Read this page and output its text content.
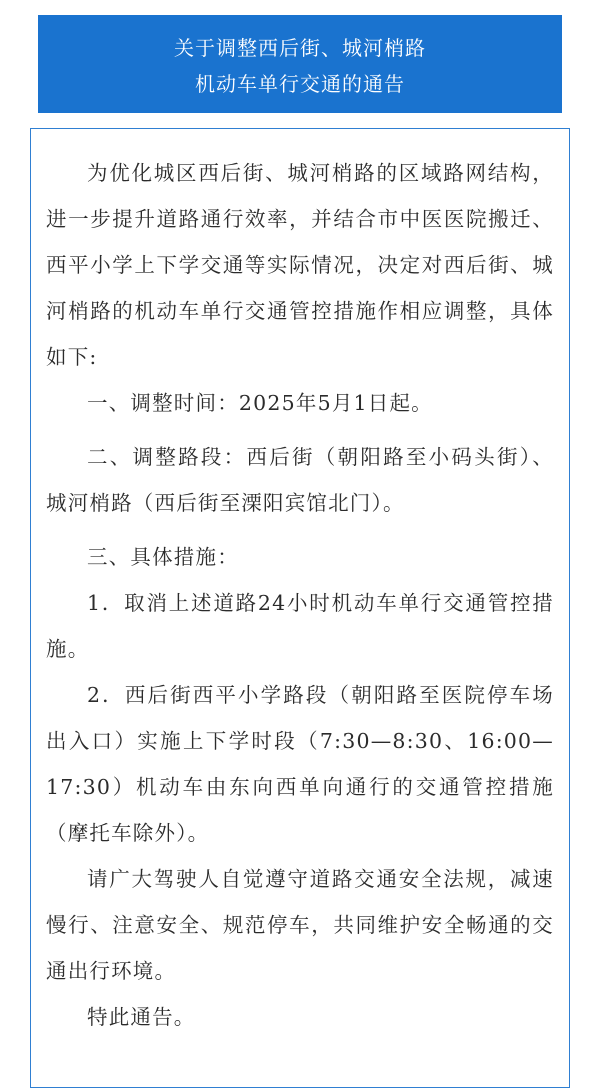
关于调整西后街、城河梢路
机动车单行交通的通告

为优化城区西后街、城河梢路的区域路网结构，进一步提升道路通行效率，并结合市中医医院搬迁、西平小学上下学交通等实际情况，决定对西后街、城河梢路的机动车单行交通管控措施作相应调整，具体如下:

一、调整时间：2025年5月1日起。

二、调整路段：西后街（朝阳路至小码头街）、城河梢路（西后街至溧阳宾馆北门）。

三、具体措施：

1．取消上述道路24小时机动车单行交通管控措施。

2．西后街西平小学路段（朝阳路至医院停车场出入口）实施上下学时段（7:30—8:30、16:00—17:30）机动车由东向西单向通行的交通管控措施（摩托车除外）。

请广大驾驶人自觉遵守道路交通安全法规，减速慢行、注意安全、规范停车，共同维护安全畅通的交通出行环境。

特此通告。
